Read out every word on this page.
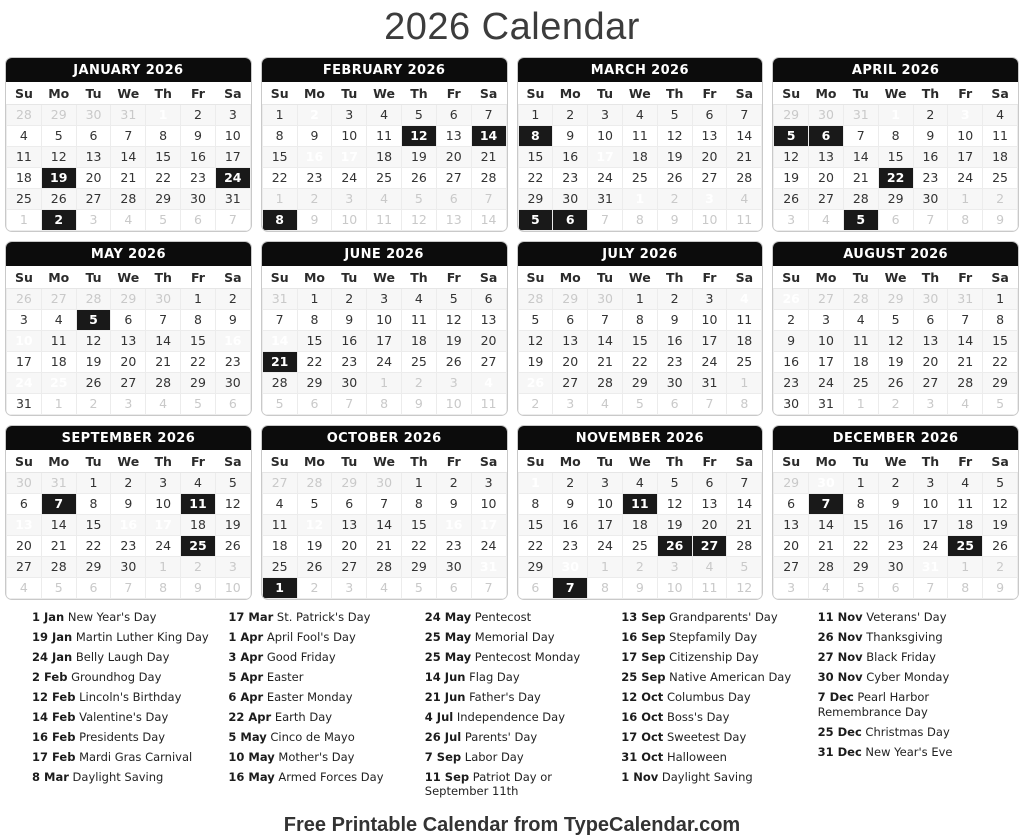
2026 Calendar
JANUARY 2026
Su	Mo	Tu	We	Th	Fr	Sa
28	29	30	31	1	2	3
4	5	6	7	8	9	10
11	12	13	14	15	16	17
18	19	20	21	22	23	24
25	26	27	28	29	30	31
1	2	3	4	5	6	7
FEBRUARY 2026
Su	Mo	Tu	We	Th	Fr	Sa
1	2	3	4	5	6	7
8	9	10	11	12	13	14
15	16	17	18	19	20	21
22	23	24	25	26	27	28
1	2	3	4	5	6	7
8	9	10	11	12	13	14
MARCH 2026
Su	Mo	Tu	We	Th	Fr	Sa
1	2	3	4	5	6	7
8	9	10	11	12	13	14
15	16	17	18	19	20	21
22	23	24	25	26	27	28
29	30	31	1	2	3	4
5	6	7	8	9	10	11
APRIL 2026
Su	Mo	Tu	We	Th	Fr	Sa
29	30	31	1	2	3	4
5	6	7	8	9	10	11
12	13	14	15	16	17	18
19	20	21	22	23	24	25
26	27	28	29	30	1	2
3	4	5	6	7	8	9
MAY 2026
Su	Mo	Tu	We	Th	Fr	Sa
26	27	28	29	30	1	2
3	4	5	6	7	8	9
10	11	12	13	14	15	16
17	18	19	20	21	22	23
24	25	26	27	28	29	30
31	1	2	3	4	5	6
JUNE 2026
Su	Mo	Tu	We	Th	Fr	Sa
31	1	2	3	4	5	6
7	8	9	10	11	12	13
14	15	16	17	18	19	20
21	22	23	24	25	26	27
28	29	30	1	2	3	4
5	6	7	8	9	10	11
JULY 2026
Su	Mo	Tu	We	Th	Fr	Sa
28	29	30	1	2	3	4
5	6	7	8	9	10	11
12	13	14	15	16	17	18
19	20	21	22	23	24	25
26	27	28	29	30	31	1
2	3	4	5	6	7	8
AUGUST 2026
Su	Mo	Tu	We	Th	Fr	Sa
26	27	28	29	30	31	1
2	3	4	5	6	7	8
9	10	11	12	13	14	15
16	17	18	19	20	21	22
23	24	25	26	27	28	29
30	31	1	2	3	4	5
SEPTEMBER 2026
Su	Mo	Tu	We	Th	Fr	Sa
30	31	1	2	3	4	5
6	7	8	9	10	11	12
13	14	15	16	17	18	19
20	21	22	23	24	25	26
27	28	29	30	1	2	3
4	5	6	7	8	9	10
OCTOBER 2026
Su	Mo	Tu	We	Th	Fr	Sa
27	28	29	30	1	2	3
4	5	6	7	8	9	10
11	12	13	14	15	16	17
18	19	20	21	22	23	24
25	26	27	28	29	30	31
1	2	3	4	5	6	7
NOVEMBER 2026
Su	Mo	Tu	We	Th	Fr	Sa
1	2	3	4	5	6	7
8	9	10	11	12	13	14
15	16	17	18	19	20	21
22	23	24	25	26	27	28
29	30	1	2	3	4	5
6	7	8	9	10	11	12
DECEMBER 2026
Su	Mo	Tu	We	Th	Fr	Sa
29	30	1	2	3	4	5
6	7	8	9	10	11	12
13	14	15	16	17	18	19
20	21	22	23	24	25	26
27	28	29	30	31	1	2
3	4	5	6	7	8	9
1 Jan New Year's Day
19 Jan Martin Luther King Day
24 Jan Belly Laugh Day
2 Feb Groundhog Day
12 Feb Lincoln's Birthday
14 Feb Valentine's Day
16 Feb Presidents Day
17 Feb Mardi Gras Carnival
8 Mar Daylight Saving
17 Mar St. Patrick's Day
1 Apr April Fool's Day
3 Apr Good Friday
5 Apr Easter
6 Apr Easter Monday
22 Apr Earth Day
5 May Cinco de Mayo
10 May Mother's Day
16 May Armed Forces Day
24 May Pentecost
25 May Memorial Day
25 May Pentecost Monday
14 Jun Flag Day
21 Jun Father's Day
4 Jul Independence Day
26 Jul Parents' Day
7 Sep Labor Day
11 Sep Patriot Day or September 11th
13 Sep Grandparents' Day
16 Sep Stepfamily Day
17 Sep Citizenship Day
25 Sep Native American Day
12 Oct Columbus Day
16 Oct Boss's Day
17 Oct Sweetest Day
31 Oct Halloween
1 Nov Daylight Saving
11 Nov Veterans' Day
26 Nov Thanksgiving
27 Nov Black Friday
30 Nov Cyber Monday
7 Dec Pearl Harbor Remembrance Day
25 Dec Christmas Day
31 Dec New Year's Eve
Free Printable Calendar from TypeCalendar.com
